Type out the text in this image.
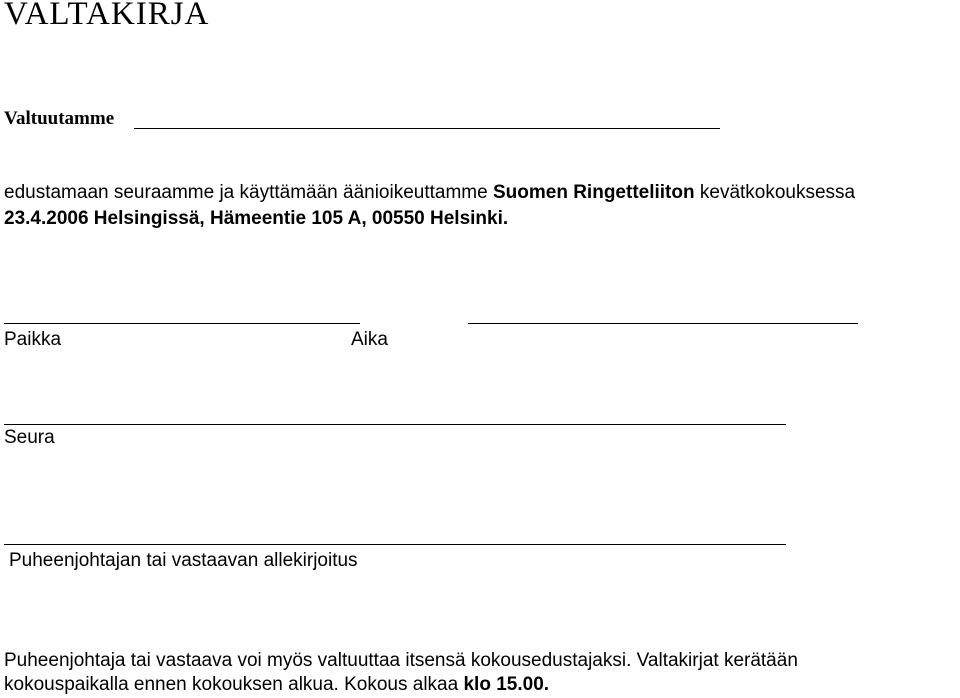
VALTAKIRJA
Valtuutamme
edustamaan seuraamme ja käyttämään äänioikeuttamme Suomen Ringetteliiton kevätkokouksessa
23.4.2006 Helsingissä, Hämeentie 105 A, 00550 Helsinki.
Paikka	Aika
Seura
Puheenjohtajan tai vastaavan allekirjoitus
Puheenjohtaja tai vastaava voi myös valtuuttaa itsensä kokousedustajaksi. Valtakirjat kerätään
kokouspaikalla ennen kokouksen alkua. Kokous alkaa klo 15.00.
